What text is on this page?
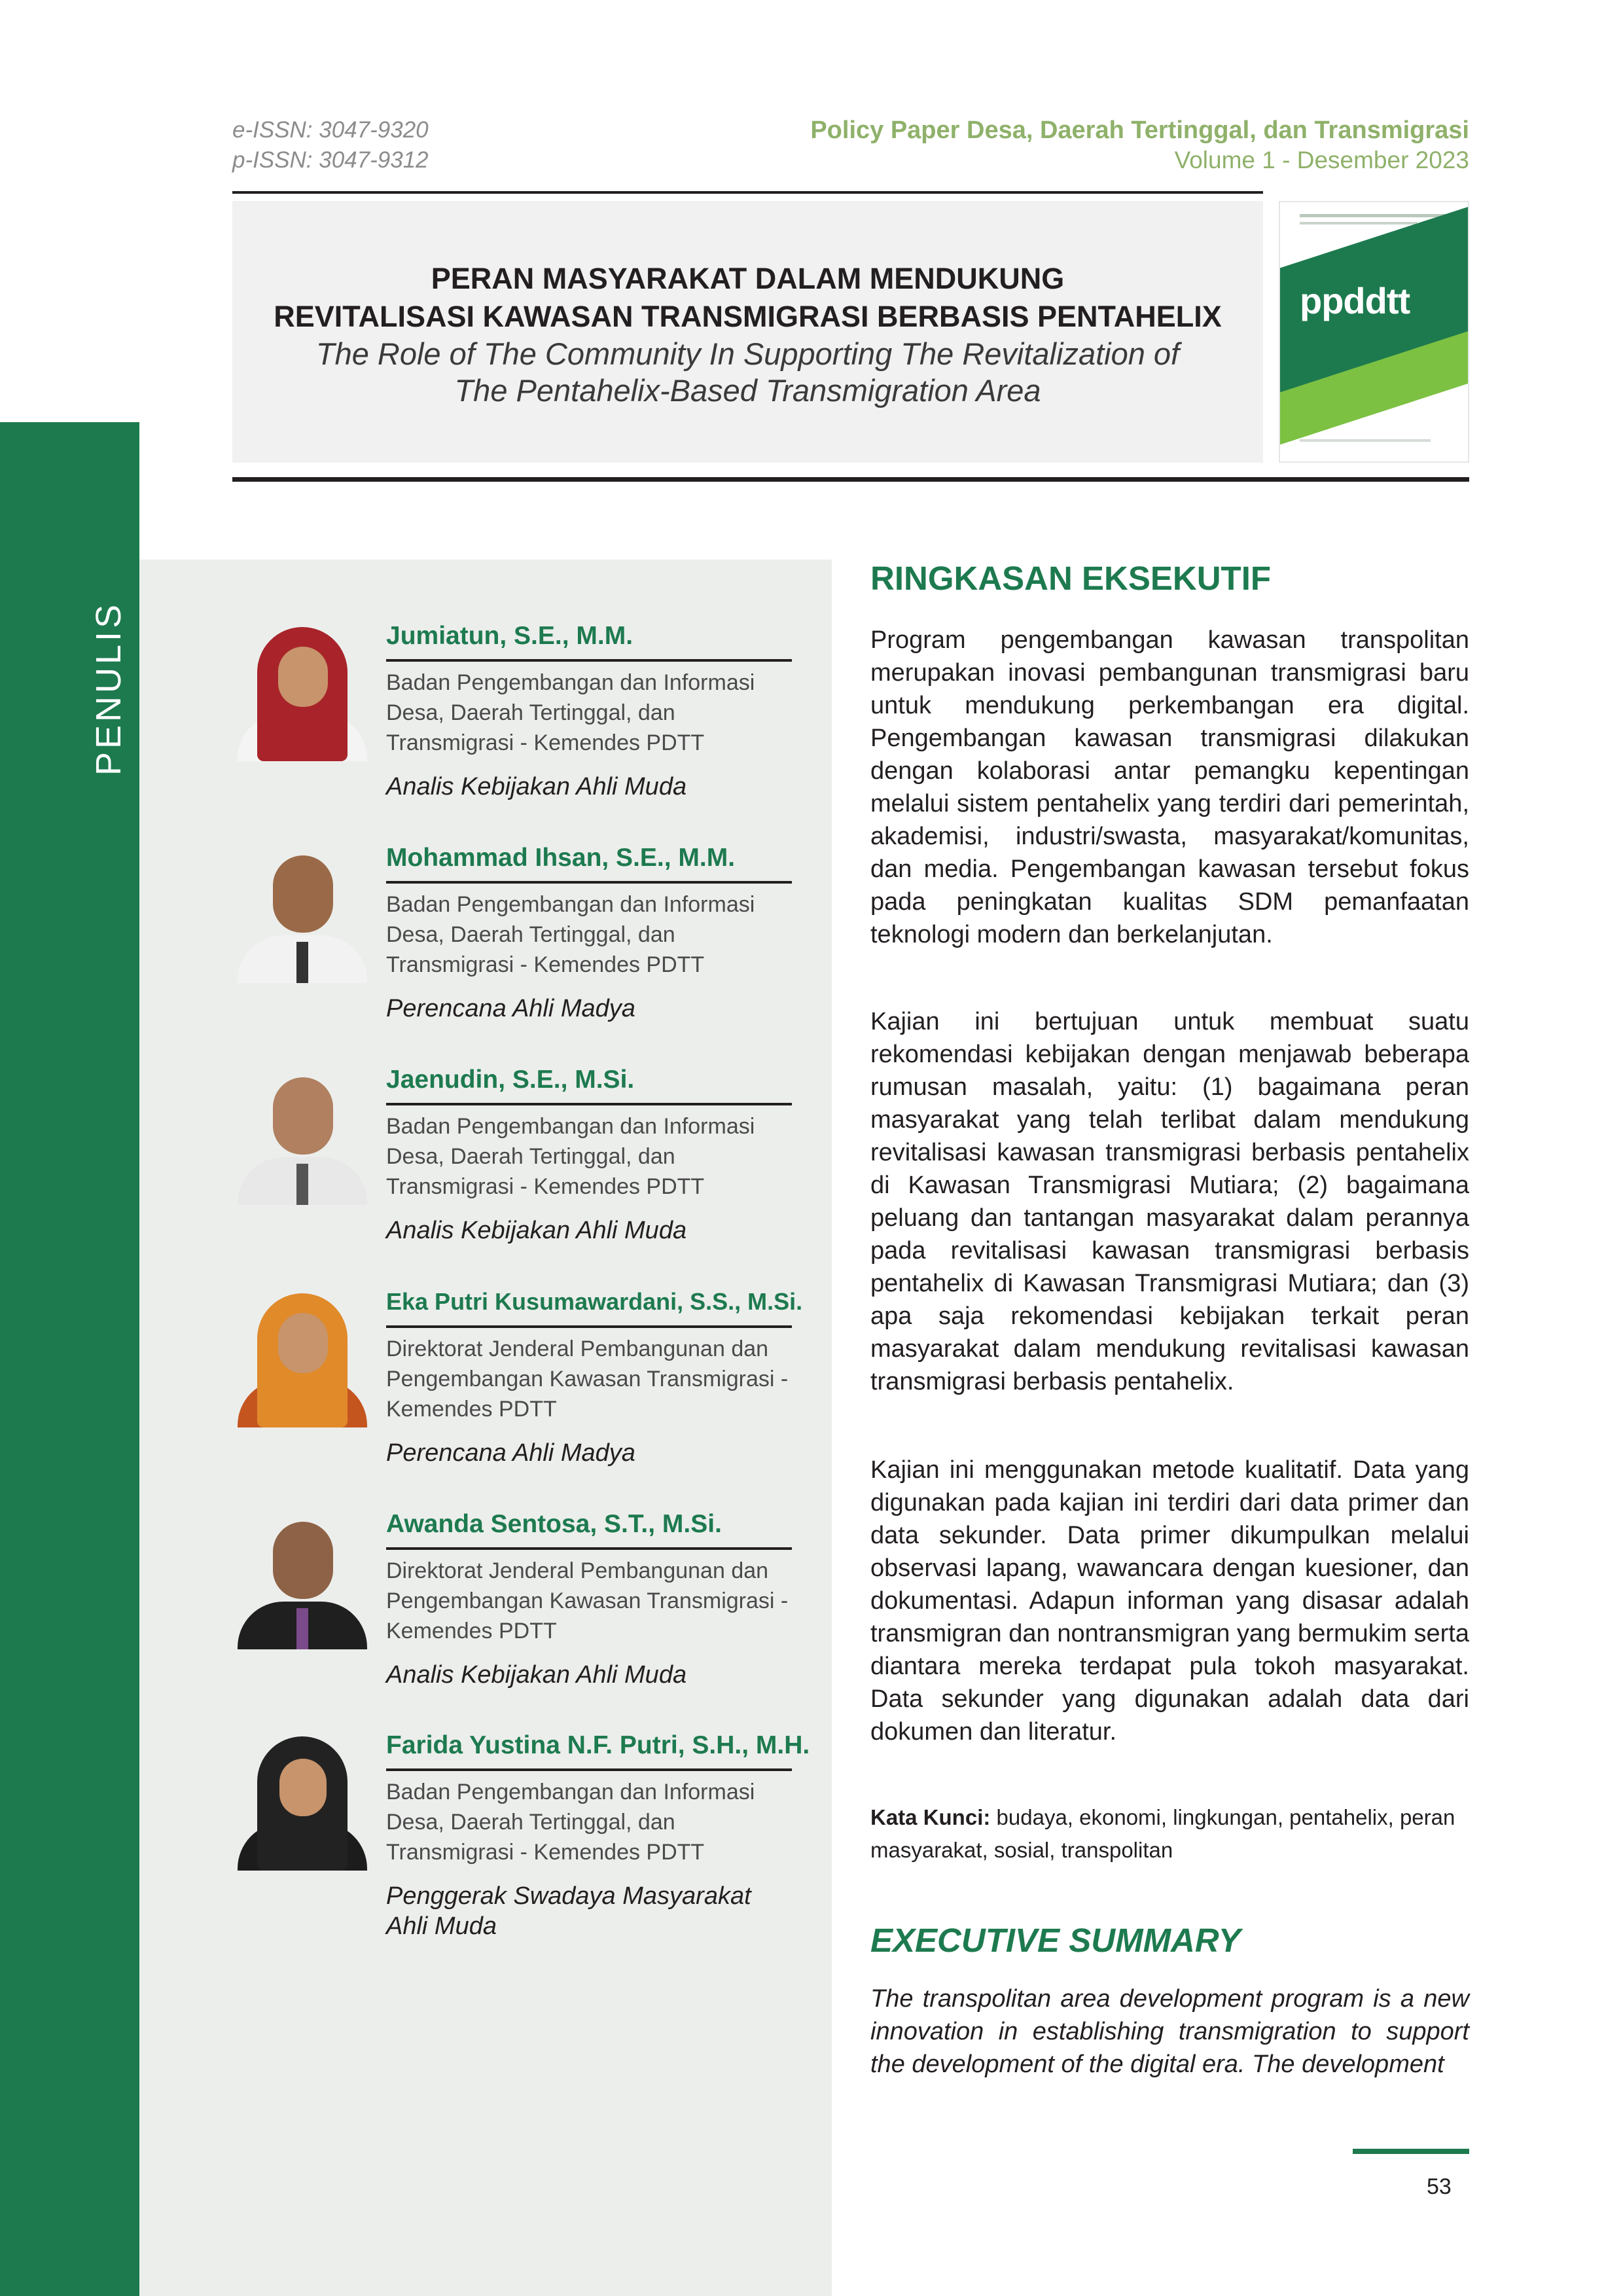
e-ISSN: 3047-9320
p-ISSN: 3047-9312
Policy Paper Desa, Daerah Tertinggal, dan Transmigrasi
Volume 1 - Desember 2023
PERAN MASYARAKAT DALAM MENDUKUNG
REVITALISASI KAWASAN TRANSMIGRASI BERBASIS PENTAHELIX
The Role of The Community In Supporting The Revitalization of
The Pentahelix-Based Transmigration Area
ppddtt
PENULIS	Jumiatun, S.E., M.M.
Badan Pengembangan dan Informasi Desa, Daerah Tertinggal, dan Transmigrasi - Kemendes PDTT
Analis Kebijakan Ahli Muda
Mohammad Ihsan, S.E., M.M.
Badan Pengembangan dan Informasi Desa, Daerah Tertinggal, dan Transmigrasi - Kemendes PDTT
Perencana Ahli Madya
Jaenudin, S.E., M.Si.
Badan Pengembangan dan Informasi Desa, Daerah Tertinggal, dan Transmigrasi - Kemendes PDTT
Analis Kebijakan Ahli Muda
Eka Putri Kusumawardani, S.S., M.Si.
Direktorat Jenderal Pembangunan dan Pengembangan Kawasan Transmigrasi - Kemendes PDTT
Perencana Ahli Madya
Awanda Sentosa, S.T., M.Si.
Direktorat Jenderal Pembangunan dan Pengembangan Kawasan Transmigrasi - Kemendes PDTT
Analis Kebijakan Ahli Muda
Farida Yustina N.F. Putri, S.H., M.H.
Badan Pengembangan dan Informasi Desa, Daerah Tertinggal, dan Transmigrasi - Kemendes PDTT
Penggerak Swadaya Masyarakat Ahli Muda
RINGKASAN EKSEKUTIF

Program pengembangan kawasan transpolitan merupakan inovasi pembangunan transmigrasi baru untuk mendukung perkembangan era digital. Pengembangan kawasan transmigrasi dilakukan dengan kolaborasi antar pemangku kepentingan melalui sistem pentahelix yang terdiri dari pemerintah, akademisi, industri/swasta, masyarakat/komunitas, dan media. Pengembangan kawasan tersebut fokus pada peningkatan kualitas SDM pemanfaatan teknologi modern dan berkelanjutan.

Kajian ini bertujuan untuk membuat suatu rekomendasi kebijakan dengan menjawab beberapa rumusan masalah, yaitu: (1) bagaimana peran masyarakat yang telah terlibat dalam mendukung revitalisasi kawasan transmigrasi berbasis pentahelix di Kawasan Transmigrasi Mutiara; (2) bagaimana peluang dan tantangan masyarakat dalam perannya pada revitalisasi kawasan transmigrasi berbasis pentahelix di Kawasan Transmigrasi Mutiara; dan (3) apa saja rekomendasi kebijakan terkait peran masyarakat dalam mendukung revitalisasi kawasan transmigrasi berbasis pentahelix.

Kajian ini menggunakan metode kualitatif. Data yang digunakan pada kajian ini terdiri dari data primer dan data sekunder. Data primer dikumpulkan melalui observasi lapang, wawancara dengan kuesioner, dan dokumentasi. Adapun informan yang disasar adalah transmigran dan nontransmigran yang bermukim serta diantara mereka terdapat pula tokoh masyarakat. Data sekunder yang digunakan adalah data dari dokumen dan literatur.

Kata Kunci: budaya, ekonomi, lingkungan, pentahelix, peran masyarakat, sosial, transpolitan
EXECUTIVE SUMMARY

The transpolitan area development program is a new innovation in establishing transmigration to support the development of the digital era. The development

53
